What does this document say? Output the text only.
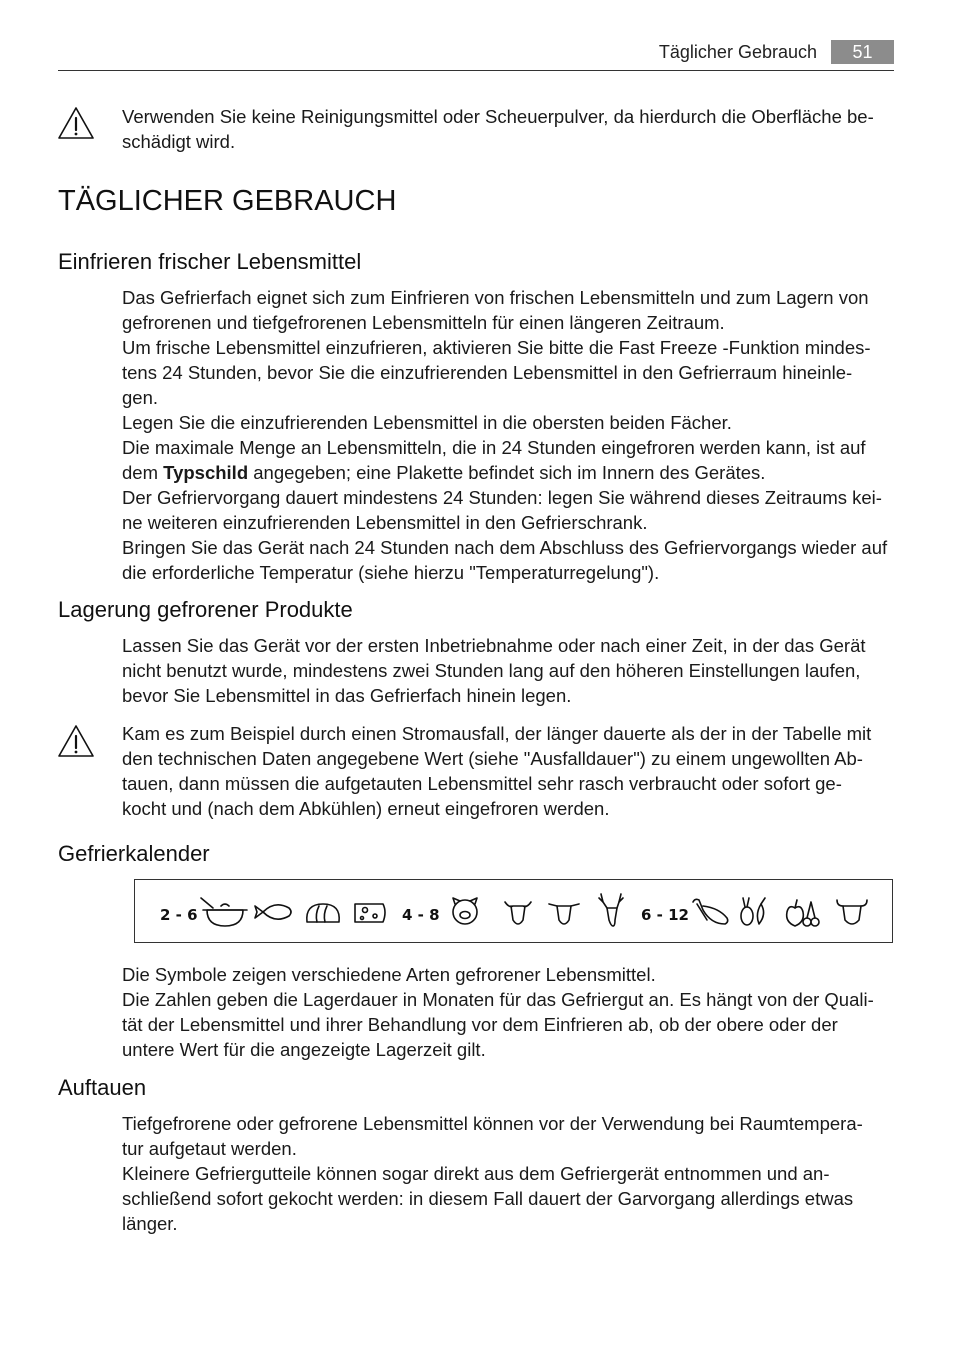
Täglicher Gebrauch	51

Verwenden Sie keine Reinigungsmittel oder Scheuerpulver, da hierdurch die Oberfläche be-
schädigt wird.

TÄGLICHER GEBRAUCH
Einfrieren frischer Lebensmittel

Das Gefrierfach eignet sich zum Einfrieren von frischen Lebensmitteln und zum Lagern von
gefrorenen und tiefgefrorenen Lebensmitteln für einen längeren Zeitraum.
Um frische Lebensmittel einzufrieren, aktivieren Sie bitte die Fast Freeze -Funktion mindes-
tens 24 Stunden, bevor Sie die einzufrierenden Lebensmittel in den Gefrierraum hineinle-
gen.
Legen Sie die einzufrierenden Lebensmittel in die obersten beiden Fächer.
Die maximale Menge an Lebensmitteln, die in 24 Stunden eingefroren werden kann, ist auf
dem Typschild angegeben; eine Plakette befindet sich im Innern des Gerätes.
Der Gefriervorgang dauert mindestens 24 Stunden: legen Sie während dieses Zeitraums kei-
ne weiteren einzufrierenden Lebensmittel in den Gefrierschrank.
Bringen Sie das Gerät nach 24 Stunden nach dem Abschluss des Gefriervorgangs wieder auf
die erforderliche Temperatur (siehe hierzu "Temperaturregelung").

Lagerung gefrorener Produkte

Lassen Sie das Gerät vor der ersten Inbetriebnahme oder nach einer Zeit, in der das Gerät
nicht benutzt wurde, mindestens zwei Stunden lang auf den höheren Einstellungen laufen,
bevor Sie Lebensmittel in das Gefrierfach hinein legen.

Kam es zum Beispiel durch einen Stromausfall, der länger dauerte als der in der Tabelle mit
den technischen Daten angegebene Wert (siehe "Ausfalldauer") zu einem ungewollten Ab-
tauen, dann müssen die aufgetauten Lebensmittel sehr rasch verbraucht oder sofort ge-
kocht und (nach dem Abkühlen) erneut eingefroren werden.

Gefrierkalender
2 - 6	4 - 8	6 - 12

Die Symbole zeigen verschiedene Arten gefrorener Lebensmittel.
Die Zahlen geben die Lagerdauer in Monaten für das Gefriergut an. Es hängt von der Quali-
tät der Lebensmittel und ihrer Behandlung vor dem Einfrieren ab, ob der obere oder der
untere Wert für die angezeigte Lagerzeit gilt.

Auftauen

Tiefgefrorene oder gefrorene Lebensmittel können vor der Verwendung bei Raumtempera-
tur aufgetaut werden.
Kleinere Gefriergutteile können sogar direkt aus dem Gefriergerät entnommen und an-
schließend sofort gekocht werden: in diesem Fall dauert der Garvorgang allerdings etwas
länger.
